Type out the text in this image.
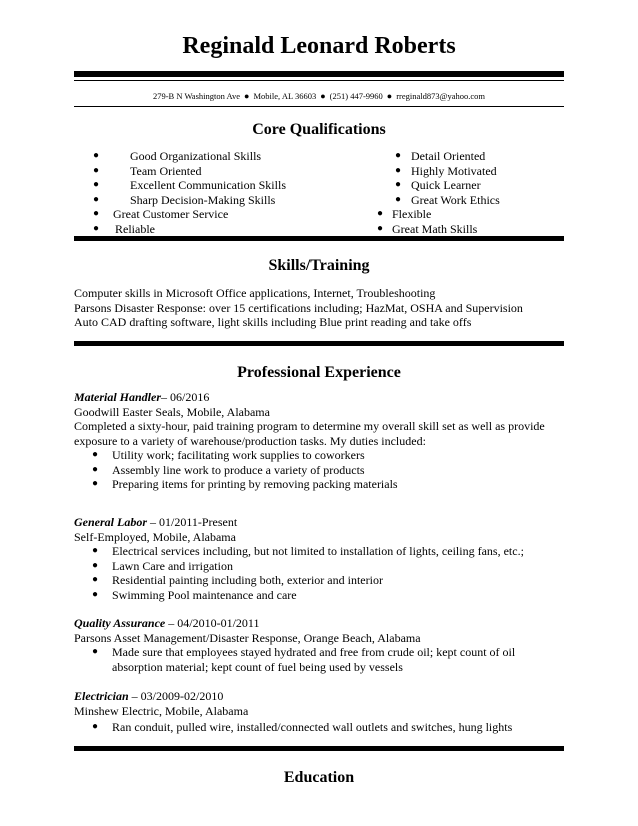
Reginald Leonard Roberts
279-B N Washington Ave ● Mobile, AL 36603 ● (251) 447-9960 ● rreginald873@yahoo.com
Core Qualifications
●	Good Organizational Skills
●	Team Oriented
●	Excellent Communication Skills
●	Sharp Decision-Making Skills
● Great Customer Service
● Reliable
● Detail Oriented
● Highly Motivated
● Quick Learner
● Great Work Ethics
● Flexible
● Great Math Skills
Skills/Training
Computer skills in Microsoft Office applications, Internet, Troubleshooting
Parsons Disaster Response: over 15 certifications including; HazMat, OSHA and Supervision
Auto CAD drafting software, light skills including Blue print reading and take offs
Professional Experience
Material Handler– 06/2016
Goodwill Easter Seals, Mobile, Alabama
Completed a sixty-hour, paid training program to determine my overall skill set as well as provide exposure to a variety of warehouse/production tasks. My duties included:
● Utility work; facilitating work supplies to coworkers
● Assembly line work to produce a variety of products
● Preparing items for printing by removing packing materials
General Labor – 01/2011-Present
Self-Employed, Mobile, Alabama
● Electrical services including, but not limited to installation of lights, ceiling fans, etc.;
● Lawn Care and irrigation
● Residential painting including both, exterior and interior
● Swimming Pool maintenance and care
Quality Assurance – 04/2010-01/2011
Parsons Asset Management/Disaster Response, Orange Beach, Alabama
● Made sure that employees stayed hydrated and free from crude oil; kept count of oil absorption material; kept count of fuel being used by vessels
Electrician – 03/2009-02/2010
Minshew Electric, Mobile, Alabama
● Ran conduit, pulled wire, installed/connected wall outlets and switches, hung lights
Education
